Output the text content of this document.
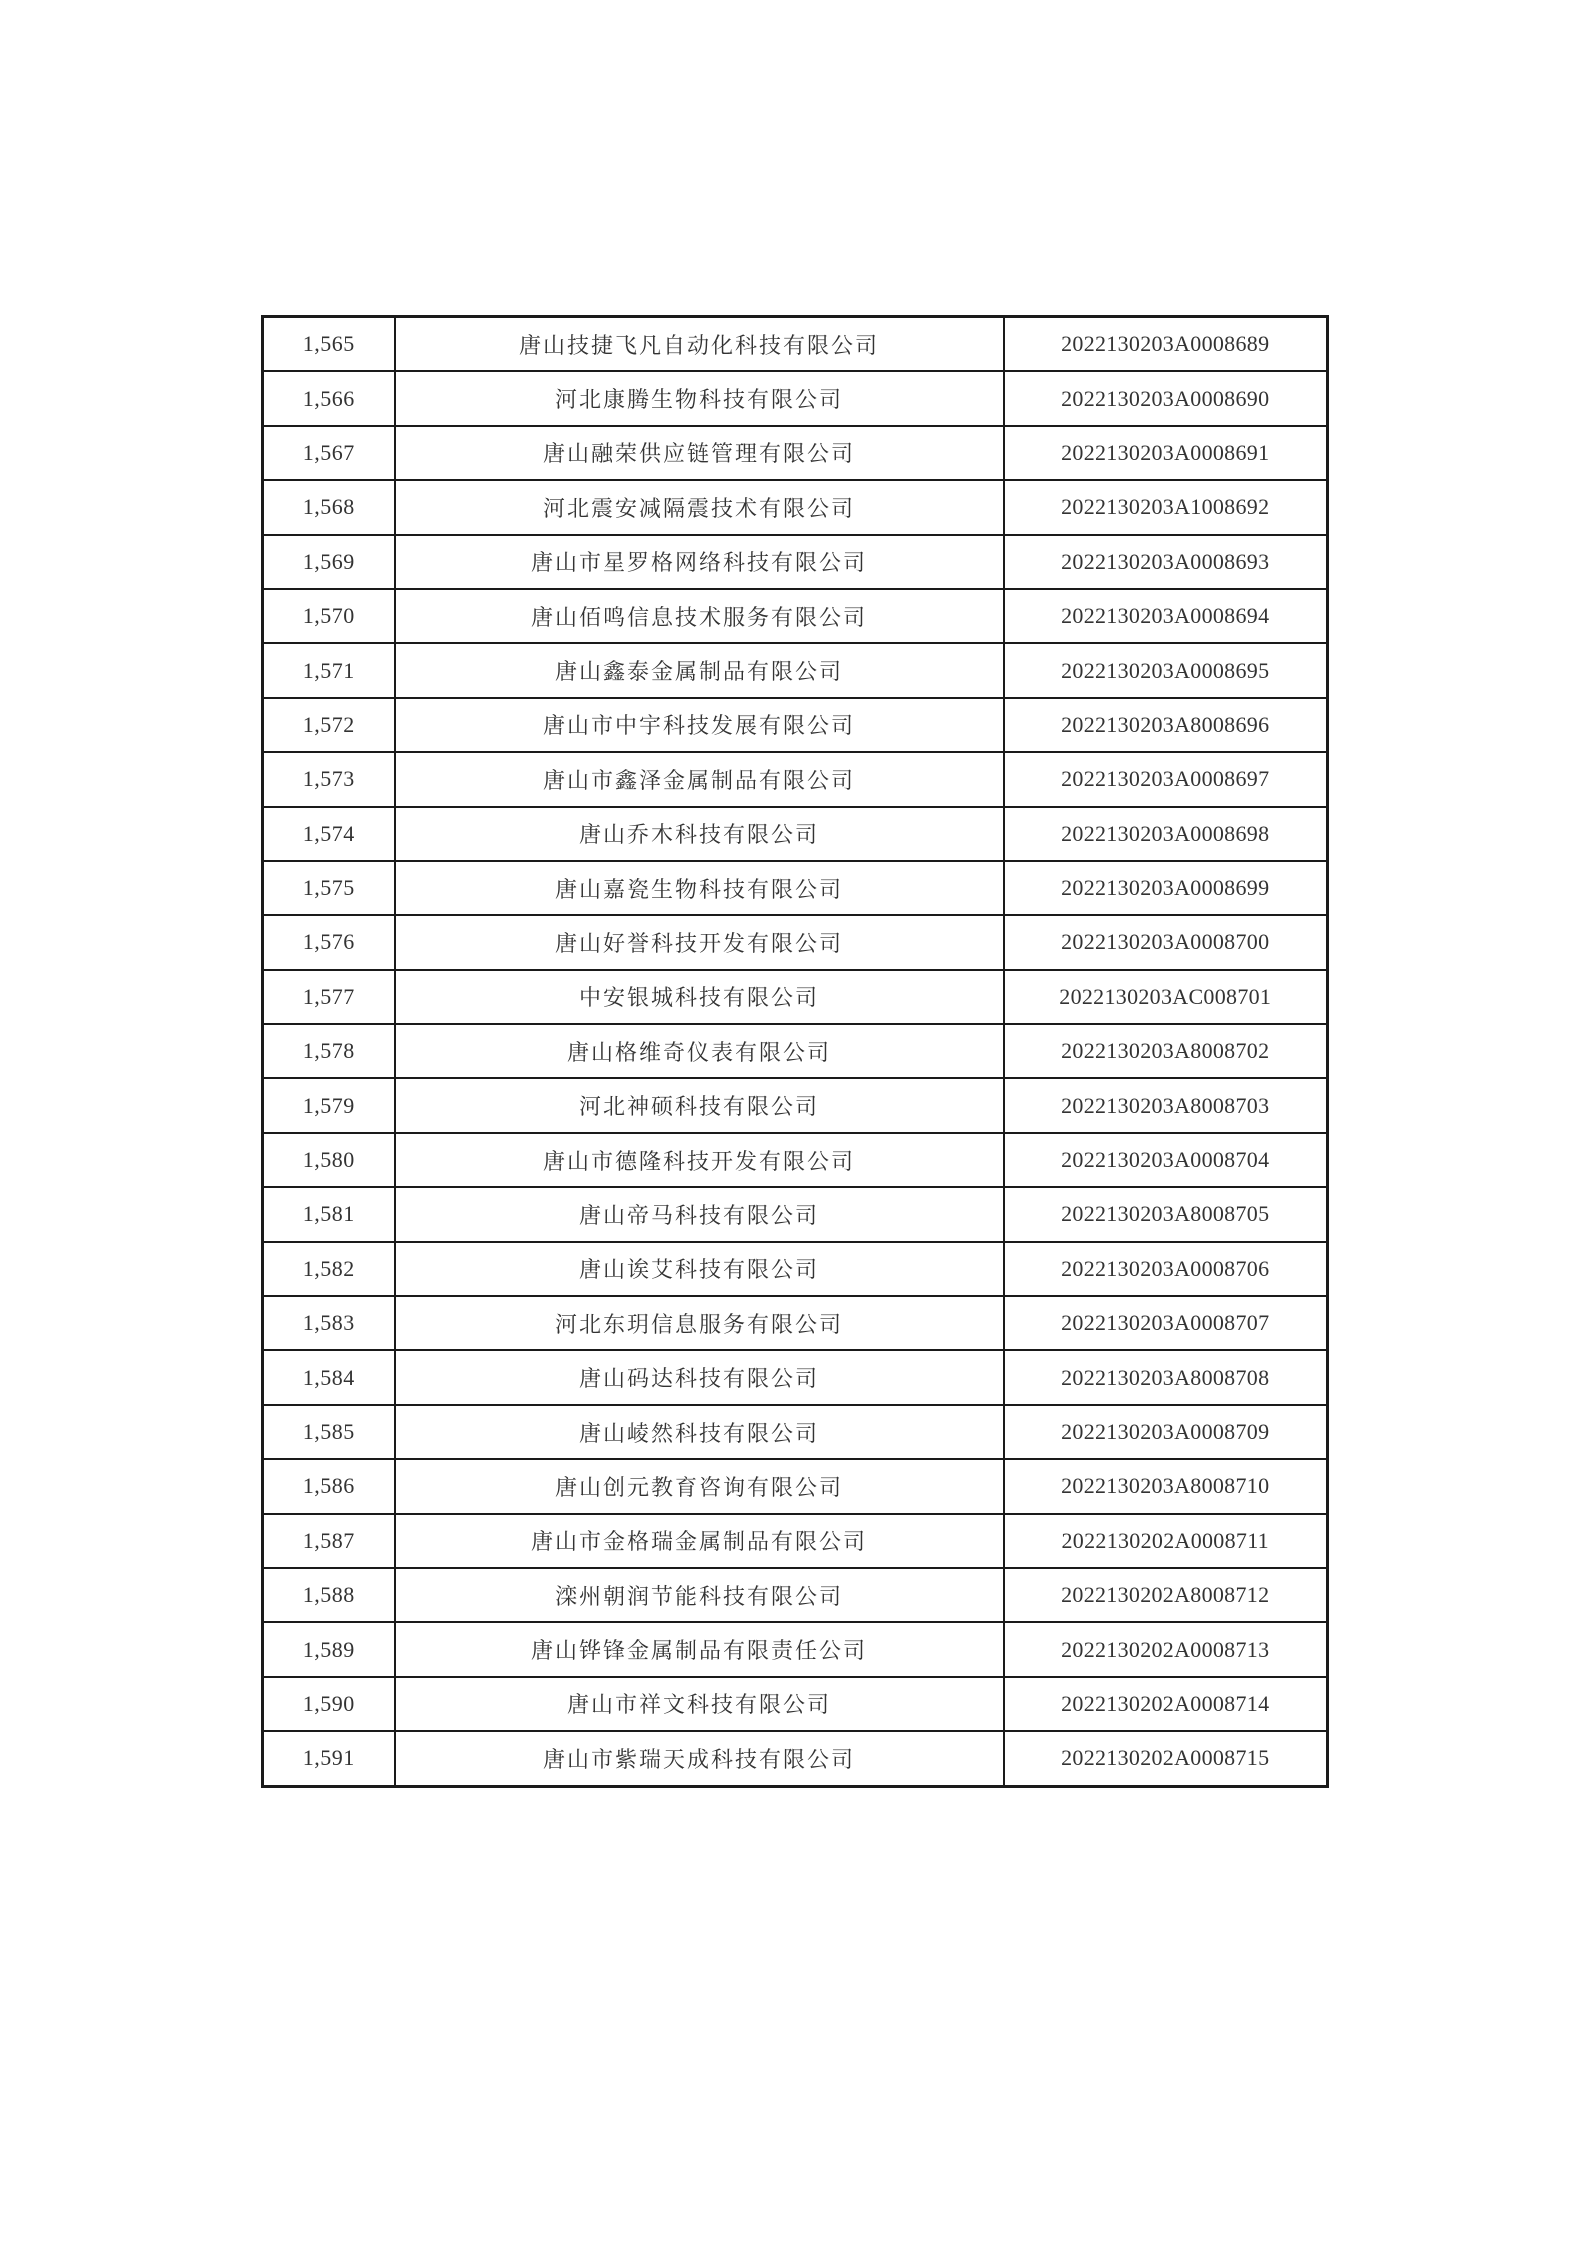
1,565	唐山技捷飞凡自动化科技有限公司	2022130203A0008689
1,566	河北康腾生物科技有限公司	2022130203A0008690
1,567	唐山融荣供应链管理有限公司	2022130203A0008691
1,568	河北震安减隔震技术有限公司	2022130203A1008692
1,569	唐山市星罗格网络科技有限公司	2022130203A0008693
1,570	唐山佰鸣信息技术服务有限公司	2022130203A0008694
1,571	唐山鑫泰金属制品有限公司	2022130203A0008695
1,572	唐山市中宇科技发展有限公司	2022130203A8008696
1,573	唐山市鑫泽金属制品有限公司	2022130203A0008697
1,574	唐山乔木科技有限公司	2022130203A0008698
1,575	唐山嘉瓷生物科技有限公司	2022130203A0008699
1,576	唐山好誉科技开发有限公司	2022130203A0008700
1,577	中安银城科技有限公司	2022130203AC008701
1,578	唐山格维奇仪表有限公司	2022130203A8008702
1,579	河北神硕科技有限公司	2022130203A8008703
1,580	唐山市德隆科技开发有限公司	2022130203A0008704
1,581	唐山帝马科技有限公司	2022130203A8008705
1,582	唐山诶艾科技有限公司	2022130203A0008706
1,583	河北东玥信息服务有限公司	2022130203A0008707
1,584	唐山码达科技有限公司	2022130203A8008708
1,585	唐山崚然科技有限公司	2022130203A0008709
1,586	唐山创元教育咨询有限公司	2022130203A8008710
1,587	唐山市金格瑞金属制品有限公司	2022130202A0008711
1,588	滦州朝润节能科技有限公司	2022130202A8008712
1,589	唐山铧锋金属制品有限责任公司	2022130202A0008713
1,590	唐山市祥文科技有限公司	2022130202A0008714
1,591	唐山市紫瑞天成科技有限公司	2022130202A0008715
